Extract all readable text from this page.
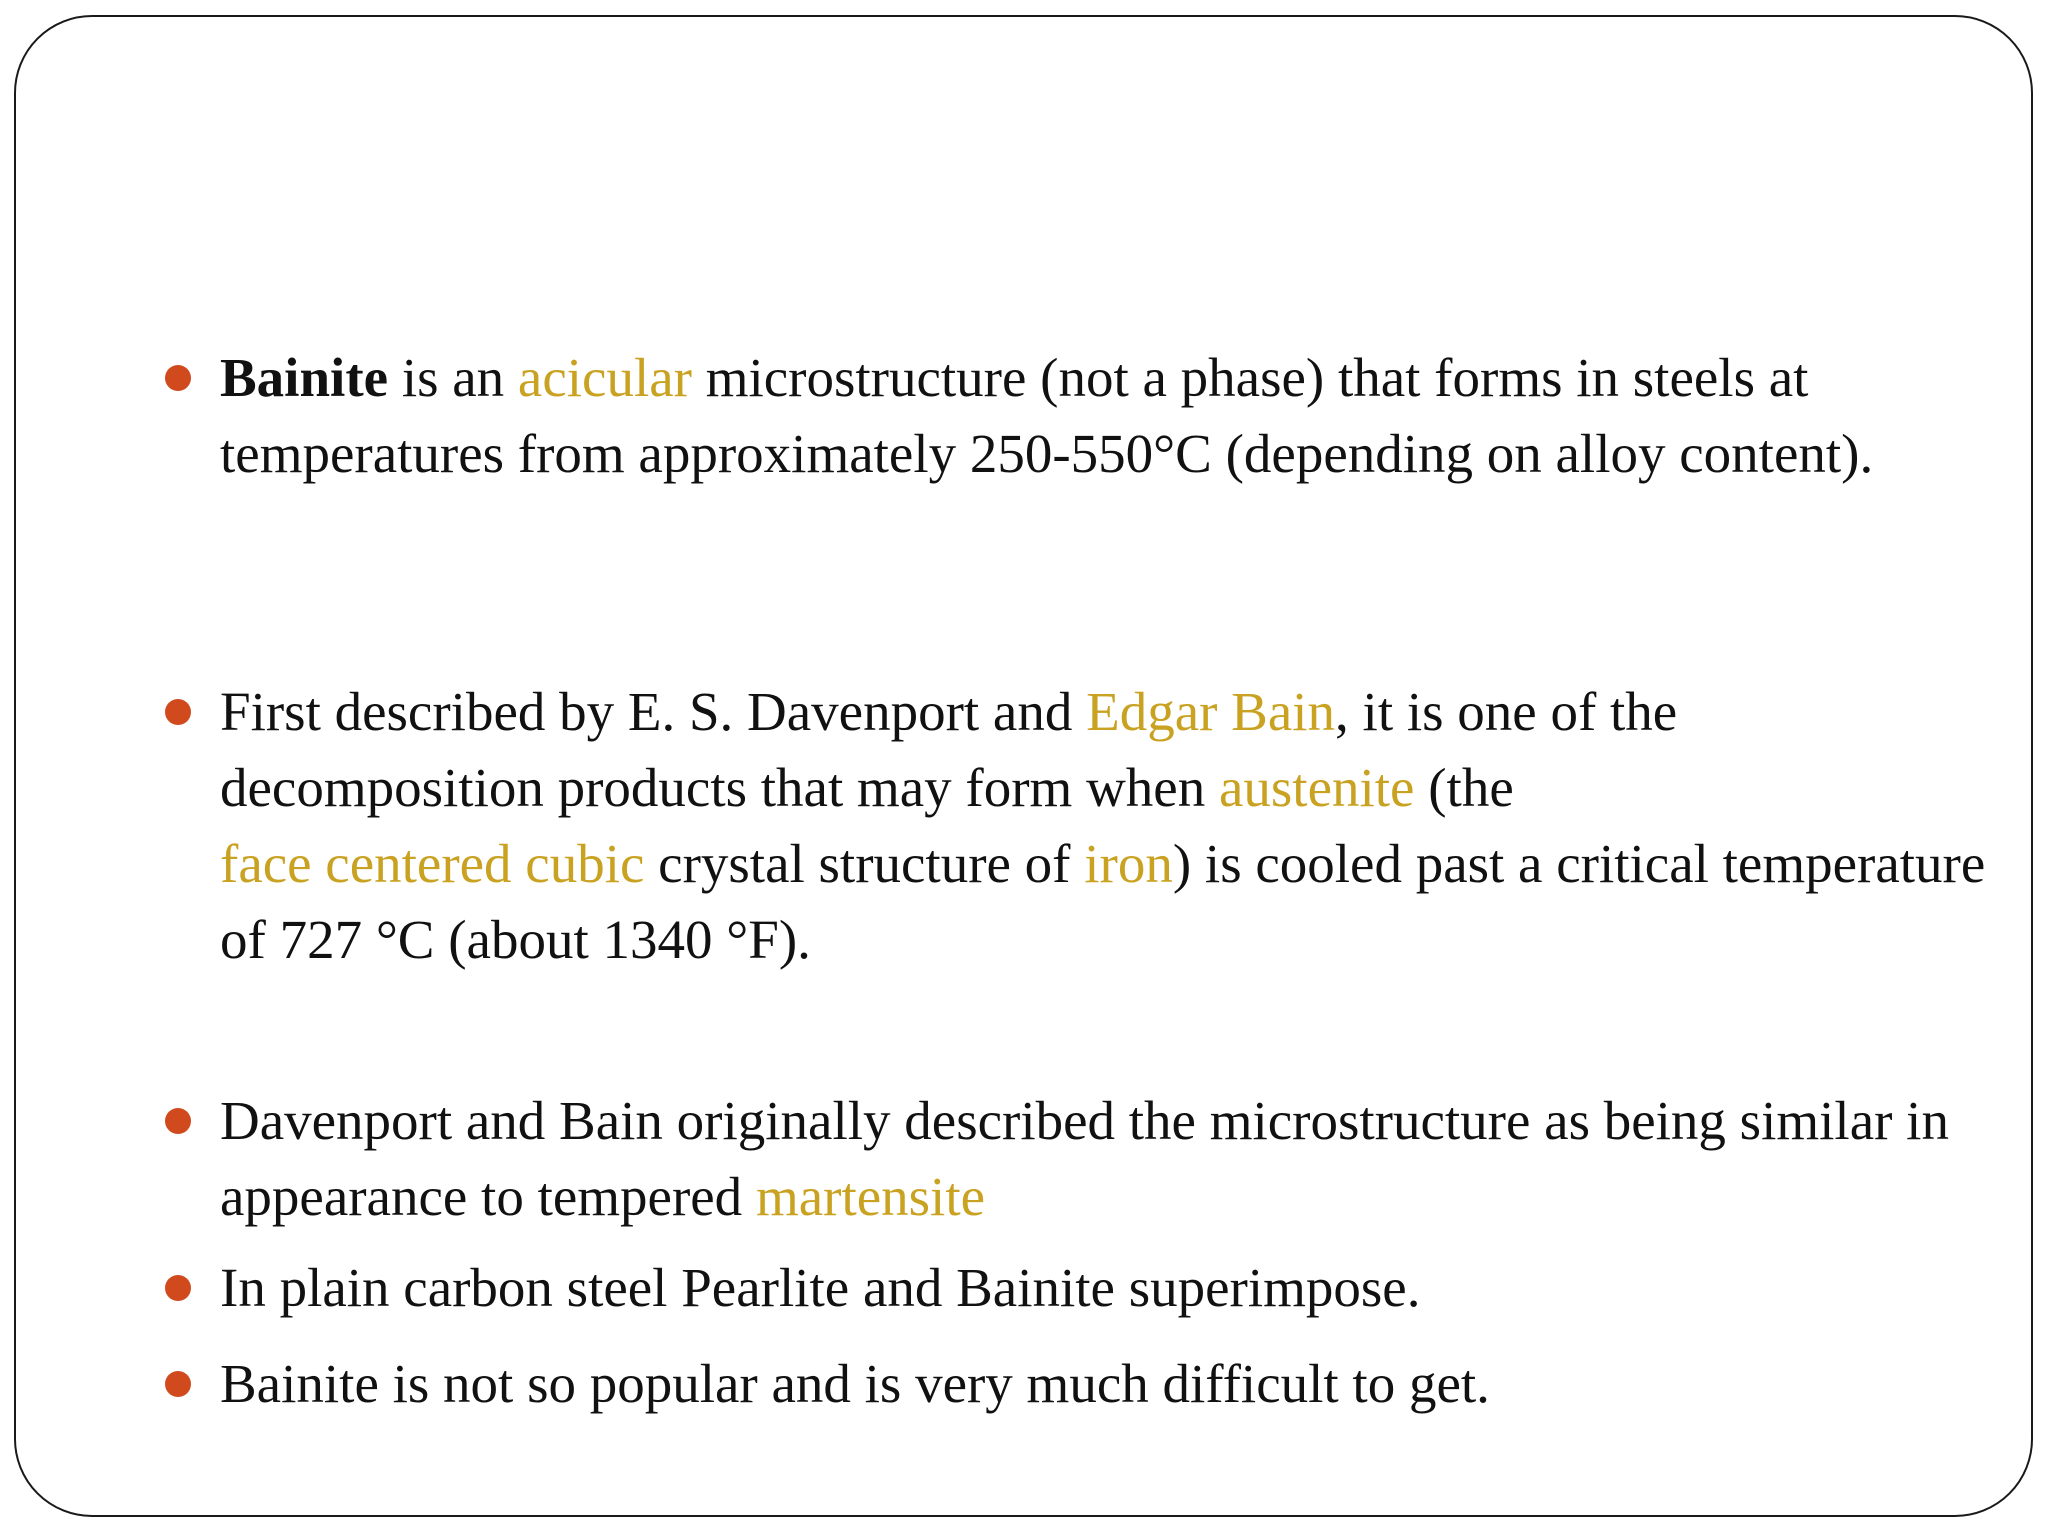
Bainite is an acicular microstructure (not a phase) that forms in steels at temperatures from approximately 250-550°C (depending on alloy content).
First described by E. S. Davenport and Edgar Bain, it is one of the decomposition products that may form when austenite (the
face centered cubic crystal structure of iron) is cooled past a critical temperature of 727 °C (about 1340 °F).
Davenport and Bain originally described the microstructure as being similar in appearance to tempered martensite
In plain carbon steel Pearlite and Bainite superimpose.
Bainite is not so popular and is very much difficult to get.
